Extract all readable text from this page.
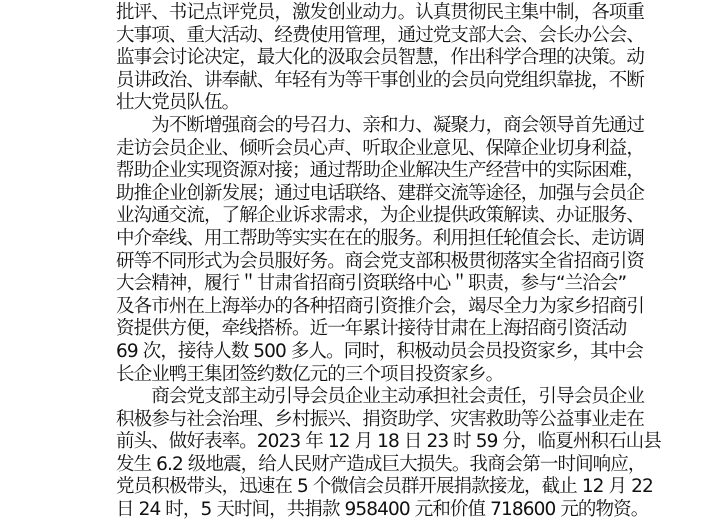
批评、书记点评党员，激发创业动力。认真贯彻民主集中制，各项重
大事项、重大活动、经费使用管理，通过党支部大会、会长办公会、
监事会讨论决定，最大化的汲取会员智慧，作出科学合理的决策。动
员讲政治、讲奉献、年轻有为等干事创业的会员向党组织靠拢，不断
壮大党员队伍。
　　为不断增强商会的号召力、亲和力、凝聚力，商会领导首先通过
走访会员企业、倾听会员心声、听取企业意见、保障企业切身利益，
帮助企业实现资源对接；通过帮助企业解决生产经营中的实际困难，
助推企业创新发展；通过电话联络、建群交流等途径，加强与会员企
业沟通交流，了解企业诉求需求，为企业提供政策解读、办证服务、
中介牵线、用工帮助等实实在在的服务。利用担任轮值会长、走访调
研等不同形式为会员服好务。商会党支部积极贯彻落实全省招商引资
大会精神，履行＂甘肃省招商引资联络中心＂职责，参与“兰洽会”
及各市州在上海举办的各种招商引资推介会，竭尽全力为家乡招商引
资提供方便，牵线搭桥。近一年累计接待甘肃在上海招商引资活动
69 次，接待人数 500 多人。同时，积极动员会员投资家乡，其中会
长企业鸭王集团签约数亿元的三个项目投资家乡。
　　商会党支部主动引导会员企业主动承担社会责任，引导会员企业
积极参与社会治理、乡村振兴、捐资助学、灾害救助等公益事业走在
前头、做好表率。2023 年 12 月 18 日 23 时 59 分，临夏州积石山县
发生 6.2 级地震，给人民财产造成巨大损失。我商会第一时间响应，
党员积极带头，迅速在 5 个微信会员群开展捐款接龙，截止 12 月 22
日 24 时，5 天时间，共捐款 958400 元和价值 718600 元的物资。
